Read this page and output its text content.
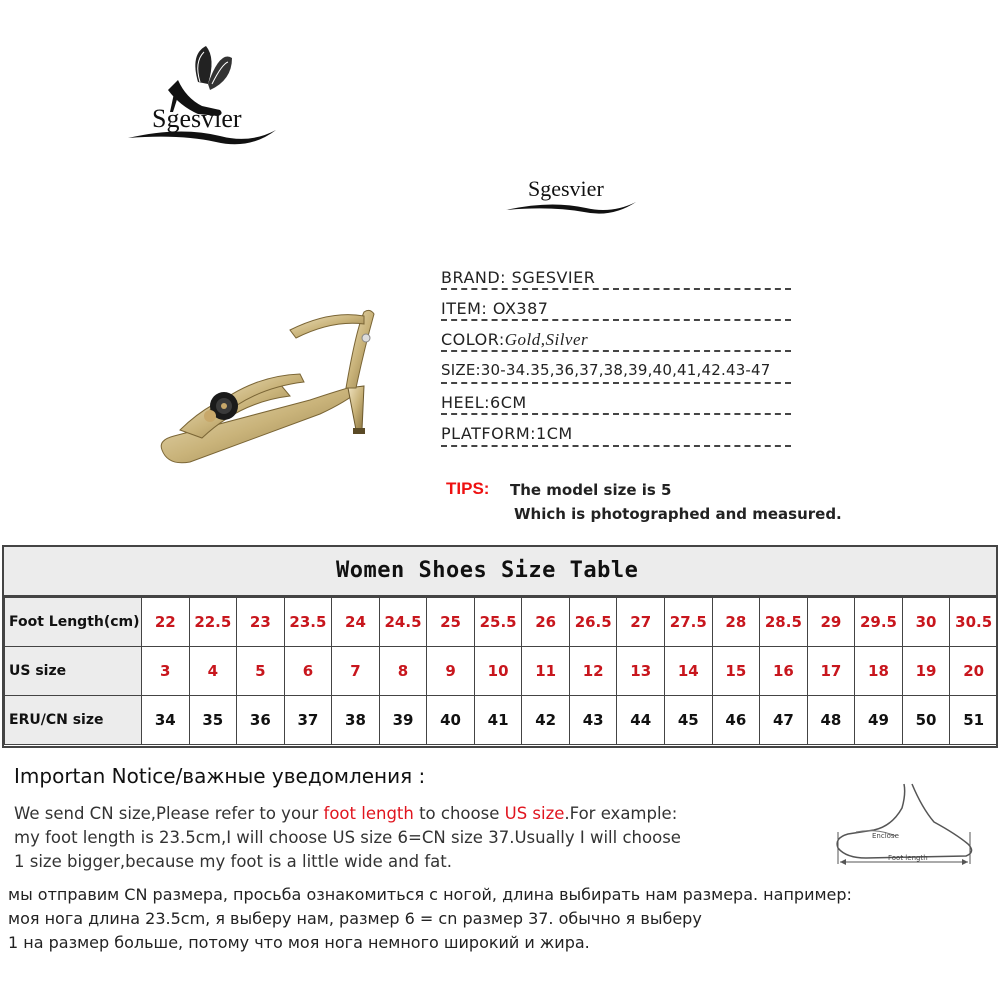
Sgesvier
Sgesvier
BRAND: SGESVIER
ITEM: OX387
COLOR:Gold,Silver
SIZE:30-34.35,36,37,38,39,40,41,42.43-47
HEEL:6CM
PLATFORM:1CM
TIPS: The model size is 5
Which is photographed and measured.
Women Shoes Size Table
Foot Length(cm)	22	22.5	23	23.5	24	24.5	25	25.5	26	26.5	27	27.5	28	28.5	29	29.5	30	30.5
US size	3	4	5	6	7	8	9	10	11	12	13	14	15	16	17	18	19	20
ERU/CN size	34	35	36	37	38	39	40	41	42	43	44	45	46	47	48	49	50	51
Importan Notice/важные уведомления :
We send CN size,Please refer to your foot length to choose US size.For example:
my foot length is 23.5cm,I will choose US size 6=CN size 37.Usually I will choose
1 size bigger,because my foot is a little wide and fat.
мы отправим CN размера, просьба ознакомиться с ногой, длина выбирать нам размера. например:
моя нога длина 23.5cm, я выберу нам, размер 6 = cn размер 37. обычно я выберу
1 на размер больше, потому что моя нога немного широкий и жира.
Enclose
Foot length
